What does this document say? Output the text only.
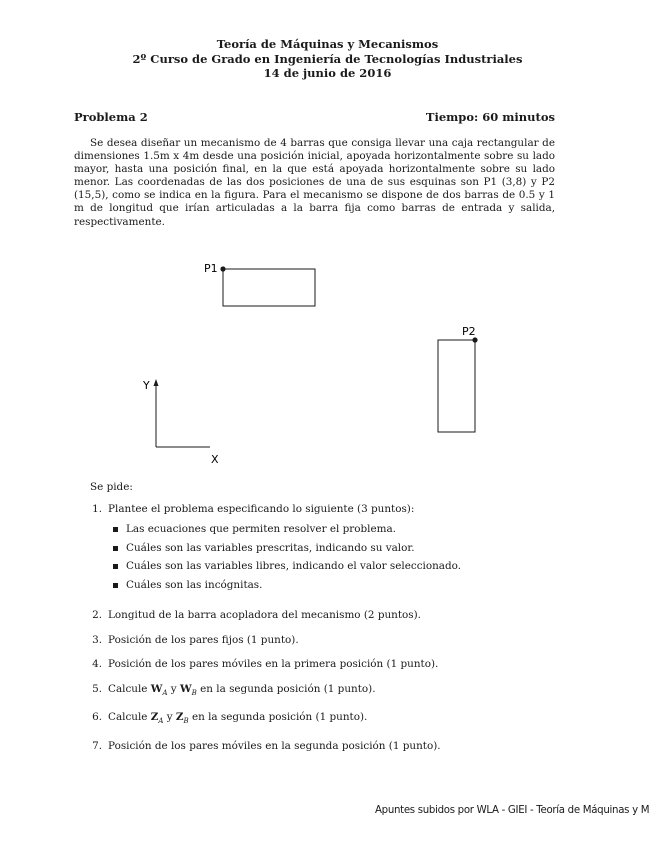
Teoría de Máquinas y Mecanismos
2º Curso de Grado en Ingeniería de Tecnologías Industriales
14 de junio de 2016
Problema 2	Tiempo: 60 minutos

Se desea diseñar un mecanismo de 4 barras que consiga llevar una caja rectangular de dimensiones 1.5m x 4m desde una posición inicial, apoyada horizontalmente sobre su lado mayor, hasta una posición final, en la que está apoyada horizontalmente sobre su lado menor. Las coordenadas de las dos posiciones de una de sus esquinas son P1 (3,8) y P2 (15,5), como se indica en la figura. Para el mecanismo se dispone de dos barras de 0.5 y 1 m de longitud que irían articuladas a la barra fija como barras de entrada y salida, respectivamente.

P1
P2
Y
X
Se pide:
1. Plantee el problema especificando lo siguiente (3 puntos):
Las ecuaciones que permiten resolver el problema.
Cuáles son las variables prescritas, indicando su valor.
Cuáles son las variables libres, indicando el valor seleccionado.
Cuáles son las incógnitas.
2. Longitud de la barra acopladora del mecanismo (2 puntos).
3. Posición de los pares fijos (1 punto).
4. Posición de los pares móviles en la primera posición (1 punto).
5. Calcule $W_A$ y $W_B$ en la segunda posición (1 punto).
6. Calcule $Z_A$ y $Z_B$ en la segunda posición (1 punto).
7. Posición de los pares móviles en la segunda posición (1 punto).
Apuntes subidos por WLA - GIEI - Teoría de Máquinas y M
